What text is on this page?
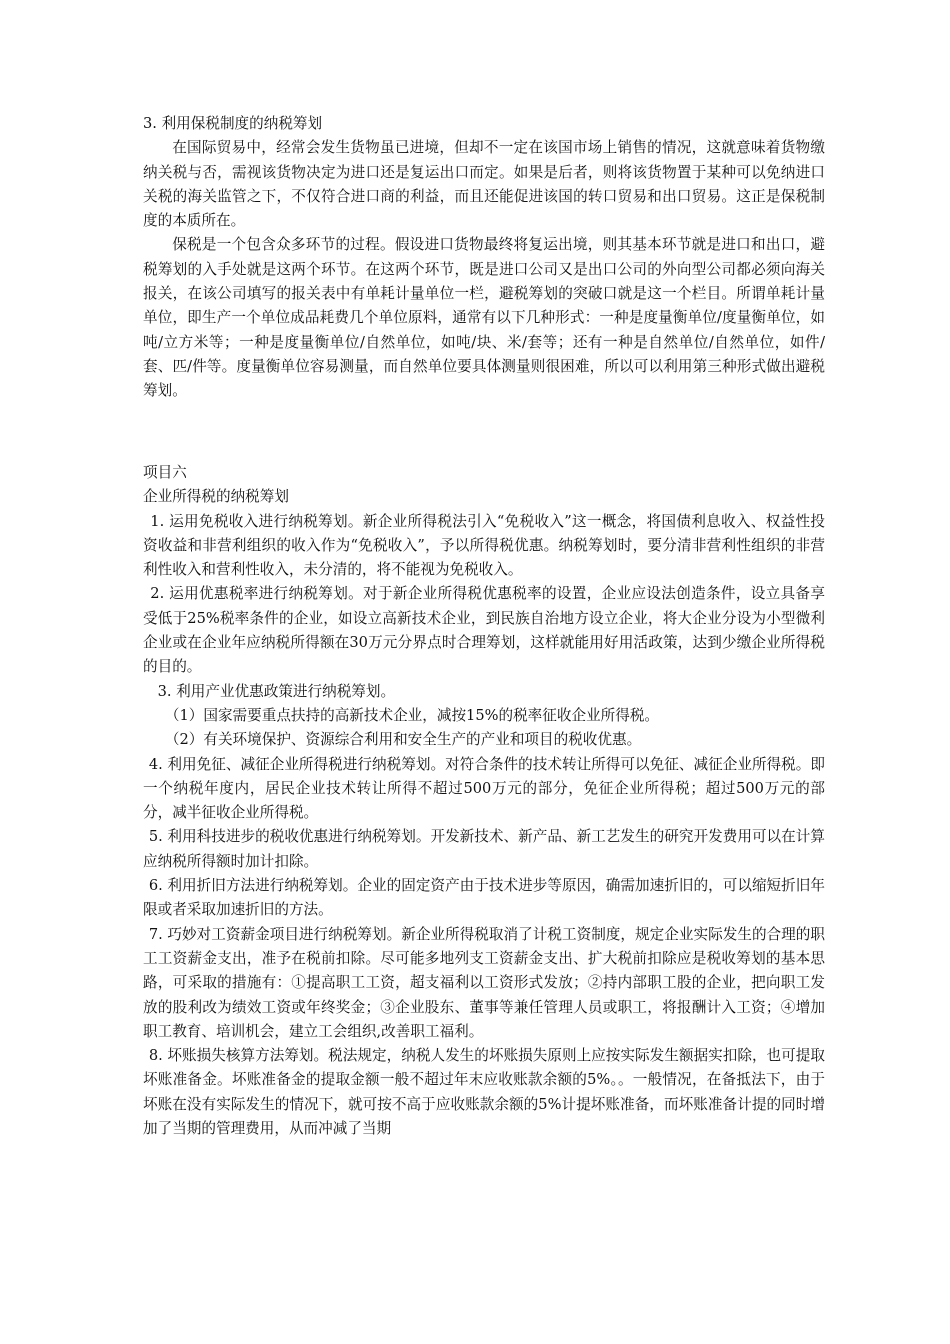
3. 利用保税制度的纳税筹划

在国际贸易中，经常会发生货物虽已进境，但却不一定在该国市场上销售的情况，这就意味着货物缴纳关税与否，需视该货物决定为进口还是复运出口而定。如果是后者，则将该货物置于某种可以免纳进口关税的海关监管之下，不仅符合进口商的利益，而且还能促进该国的转口贸易和出口贸易。这正是保税制度的本质所在。

保税是一个包含众多环节的过程。假设进口货物最终将复运出境，则其基本环节就是进口和出口，避税筹划的入手处就是这两个环节。在这两个环节，既是进口公司又是出口公司的外向型公司都必须向海关报关，在该公司填写的报关表中有单耗计量单位一栏，避税筹划的突破口就是这一个栏目。所谓单耗计量单位，即生产一个单位成品耗费几个单位原料，通常有以下几种形式：一种是度量衡单位/度量衡单位，如吨/立方米等；一种是度量衡单位/自然单位，如吨/块、米/套等；还有一种是自然单位/自然单位，如件/套、匹/件等。度量衡单位容易测量，而自然单位要具体测量则很困难，所以可以利用第三种形式做出避税筹划。

项目六

企业所得税的纳税筹划

1. 运用免税收入进行纳税筹划。新企业所得税法引入“免税收入”这一概念，将国债利息收入、权益性投资收益和非营利组织的收入作为“免税收入”，予以所得税优惠。纳税筹划时，要分清非营利性组织的非营利性收入和营利性收入，未分清的，将不能视为免税收入。

2. 运用优惠税率进行纳税筹划。对于新企业所得税优惠税率的设置，企业应设法创造条件，设立具备享受低于25%税率条件的企业，如设立高新技术企业，到民族自治地方设立企业，将大企业分设为小型微利企业或在企业年应纳税所得额在30万元分界点时合理筹划，这样就能用好用活政策，达到少缴企业所得税的目的。

3. 利用产业优惠政策进行纳税筹划。

（1）国家需要重点扶持的高新技术企业，减按15%的税率征收企业所得税。

（2）有关环境保护、资源综合利用和安全生产的产业和项目的税收优惠。

4. 利用免征、减征企业所得税进行纳税筹划。对符合条件的技术转让所得可以免征、减征企业所得税。即一个纳税年度内，居民企业技术转让所得不超过500万元的部分，免征企业所得税；超过500万元的部分，减半征收企业所得税。

5. 利用科技进步的税收优惠进行纳税筹划。开发新技术、新产品、新工艺发生的研究开发费用可以在计算应纳税所得额时加计扣除。

6. 利用折旧方法进行纳税筹划。企业的固定资产由于技术进步等原因，确需加速折旧的，可以缩短折旧年限或者采取加速折旧的方法。

7. 巧妙对工资薪金项目进行纳税筹划。新企业所得税取消了计税工资制度，规定企业实际发生的合理的职工工资薪金支出，准予在税前扣除。尽可能多地列支工资薪金支出、扩大税前扣除应是税收筹划的基本思路，可采取的措施有：①提高职工工资，超支福利以工资形式发放；②持内部职工股的企业，把向职工发放的股利改为绩效工资或年终奖金；③企业股东、董事等兼任管理人员或职工，将报酬计入工资；④增加职工教育、培训机会，建立工会组织,改善职工福利。

8. 坏账损失核算方法筹划。税法规定，纳税人发生的坏账损失原则上应按实际发生额据实扣除，也可提取坏账准备金。坏账准备金的提取金额一般不超过年末应收账款余额的5%。。一般情况，在备抵法下，由于坏账在没有实际发生的情况下，就可按不高于应收账款余额的5%计提坏账准备，而坏账准备计提的同时增加了当期的管理费用，从而冲减了当期
